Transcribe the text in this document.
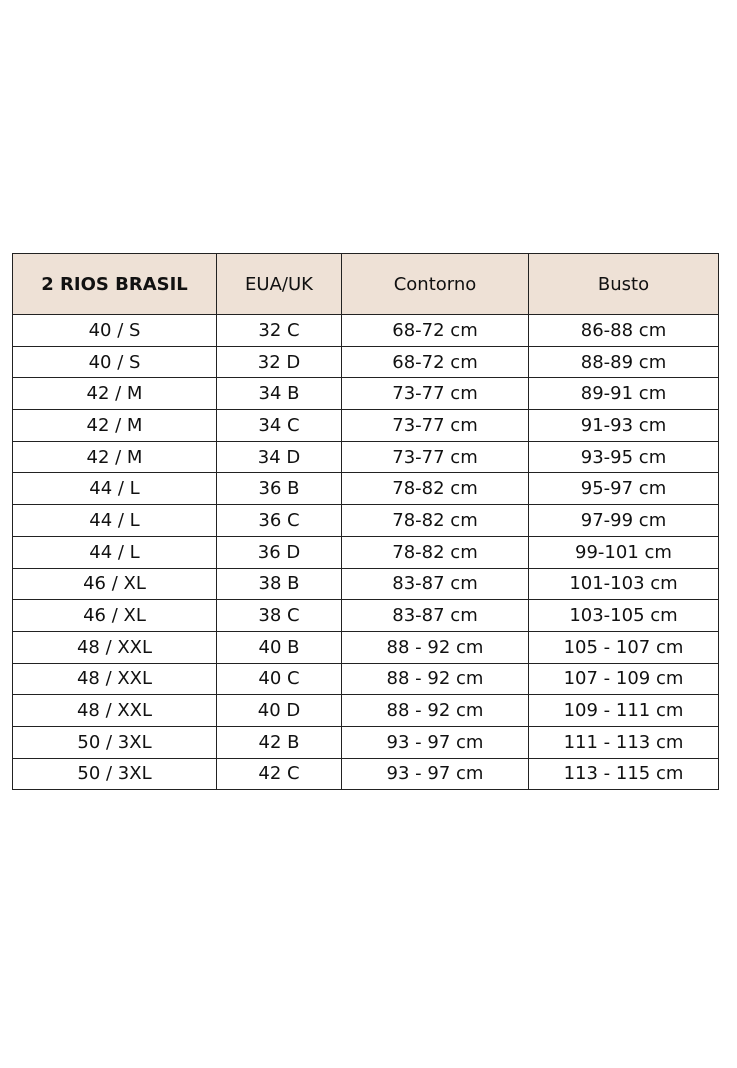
2 RIOS BRASIL	EUA/UK	Contorno	Busto
40 / S	32 C	68-72 cm	86-88 cm
40 / S	32 D	68-72 cm	88-89 cm
42 / M	34 B	73-77 cm	89-91 cm
42 / M	34 C	73-77 cm	91-93 cm
42 / M	34 D	73-77 cm	93-95 cm
44 / L	36 B	78-82 cm	95-97 cm
44 / L	36 C	78-82 cm	97-99 cm
44 / L	36 D	78-82 cm	99-101 cm
46 / XL	38 B	83-87 cm	101-103 cm
46 / XL	38 C	83-87 cm	103-105 cm
48 / XXL	40 B	88 - 92 cm	105 - 107 cm
48 / XXL	40 C	88 - 92 cm	107 - 109 cm
48 / XXL	40 D	88 - 92 cm	109 - 111 cm
50 / 3XL	42 B	93 - 97 cm	111 - 113 cm
50 / 3XL	42 C	93 - 97 cm	113 - 115 cm
